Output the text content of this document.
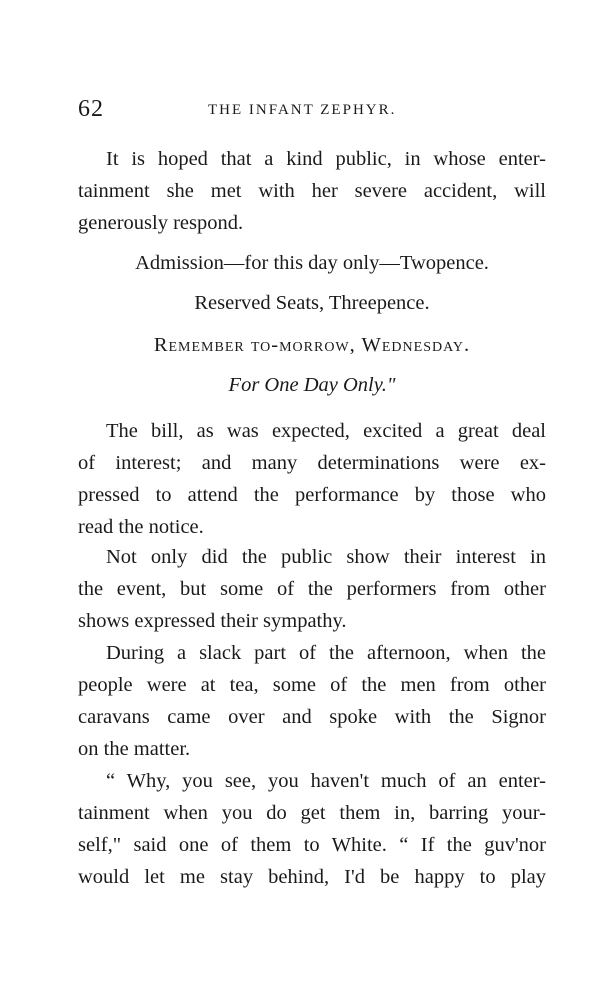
62	THE INFANT ZEPHYR.
It is hoped that a kind public, in whose enter-
tainment she met with her severe accident, will
generously respond.
Admission—for this day only—Twopence.
Reserved Seats, Threepence.
Remember to-morrow, Wednesday.
For One Day Only."
The bill, as was expected, excited a great deal
of interest; and many determinations were ex-
pressed to attend the performance by those who
read the notice.
Not only did the public show their interest in
the event, but some of the performers from other
shows expressed their sympathy.
During a slack part of the afternoon, when the
people were at tea, some of the men from other
caravans came over and spoke with the Signor
on the matter.
“ Why, you see, you haven't much of an enter-
tainment when you do get them in, barring your-
self," said one of them to White. “ If the guv'nor
would let me stay behind, I'd be happy to play
